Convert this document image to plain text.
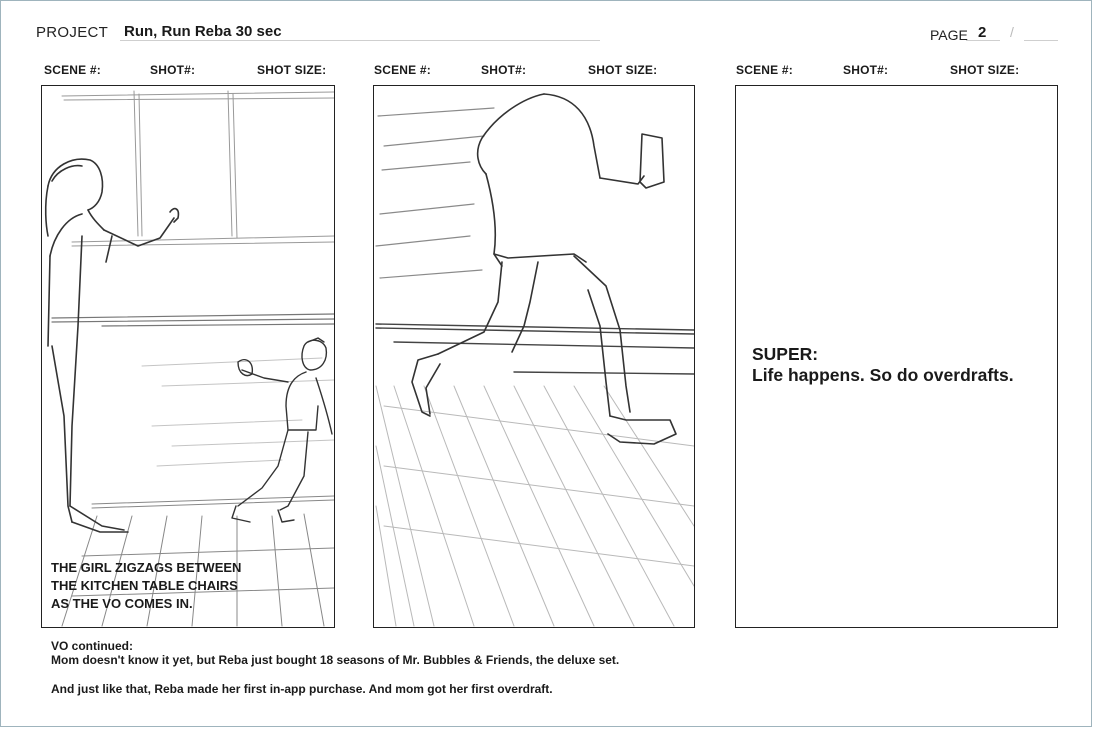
PROJECT Run, Run Reba 30 sec	PAGE 2 /
SCENE #:	SHOT#:	SHOT SIZE:	SCENE #:	SHOT#:	SHOT SIZE:	SCENE #:	SHOT#:	SHOT SIZE:
THE GIRL ZIGZAGS BETWEEN
THE KITCHEN TABLE CHAIRS
AS THE VO COMES IN.
SUPER:
Life happens. So do overdrafts.
VO continued:
Mom doesn't know it yet, but Reba just bought 18 seasons of Mr. Bubbles & Friends, the deluxe set.
And just like that, Reba made her first in-app purchase. And mom got her first overdraft.
